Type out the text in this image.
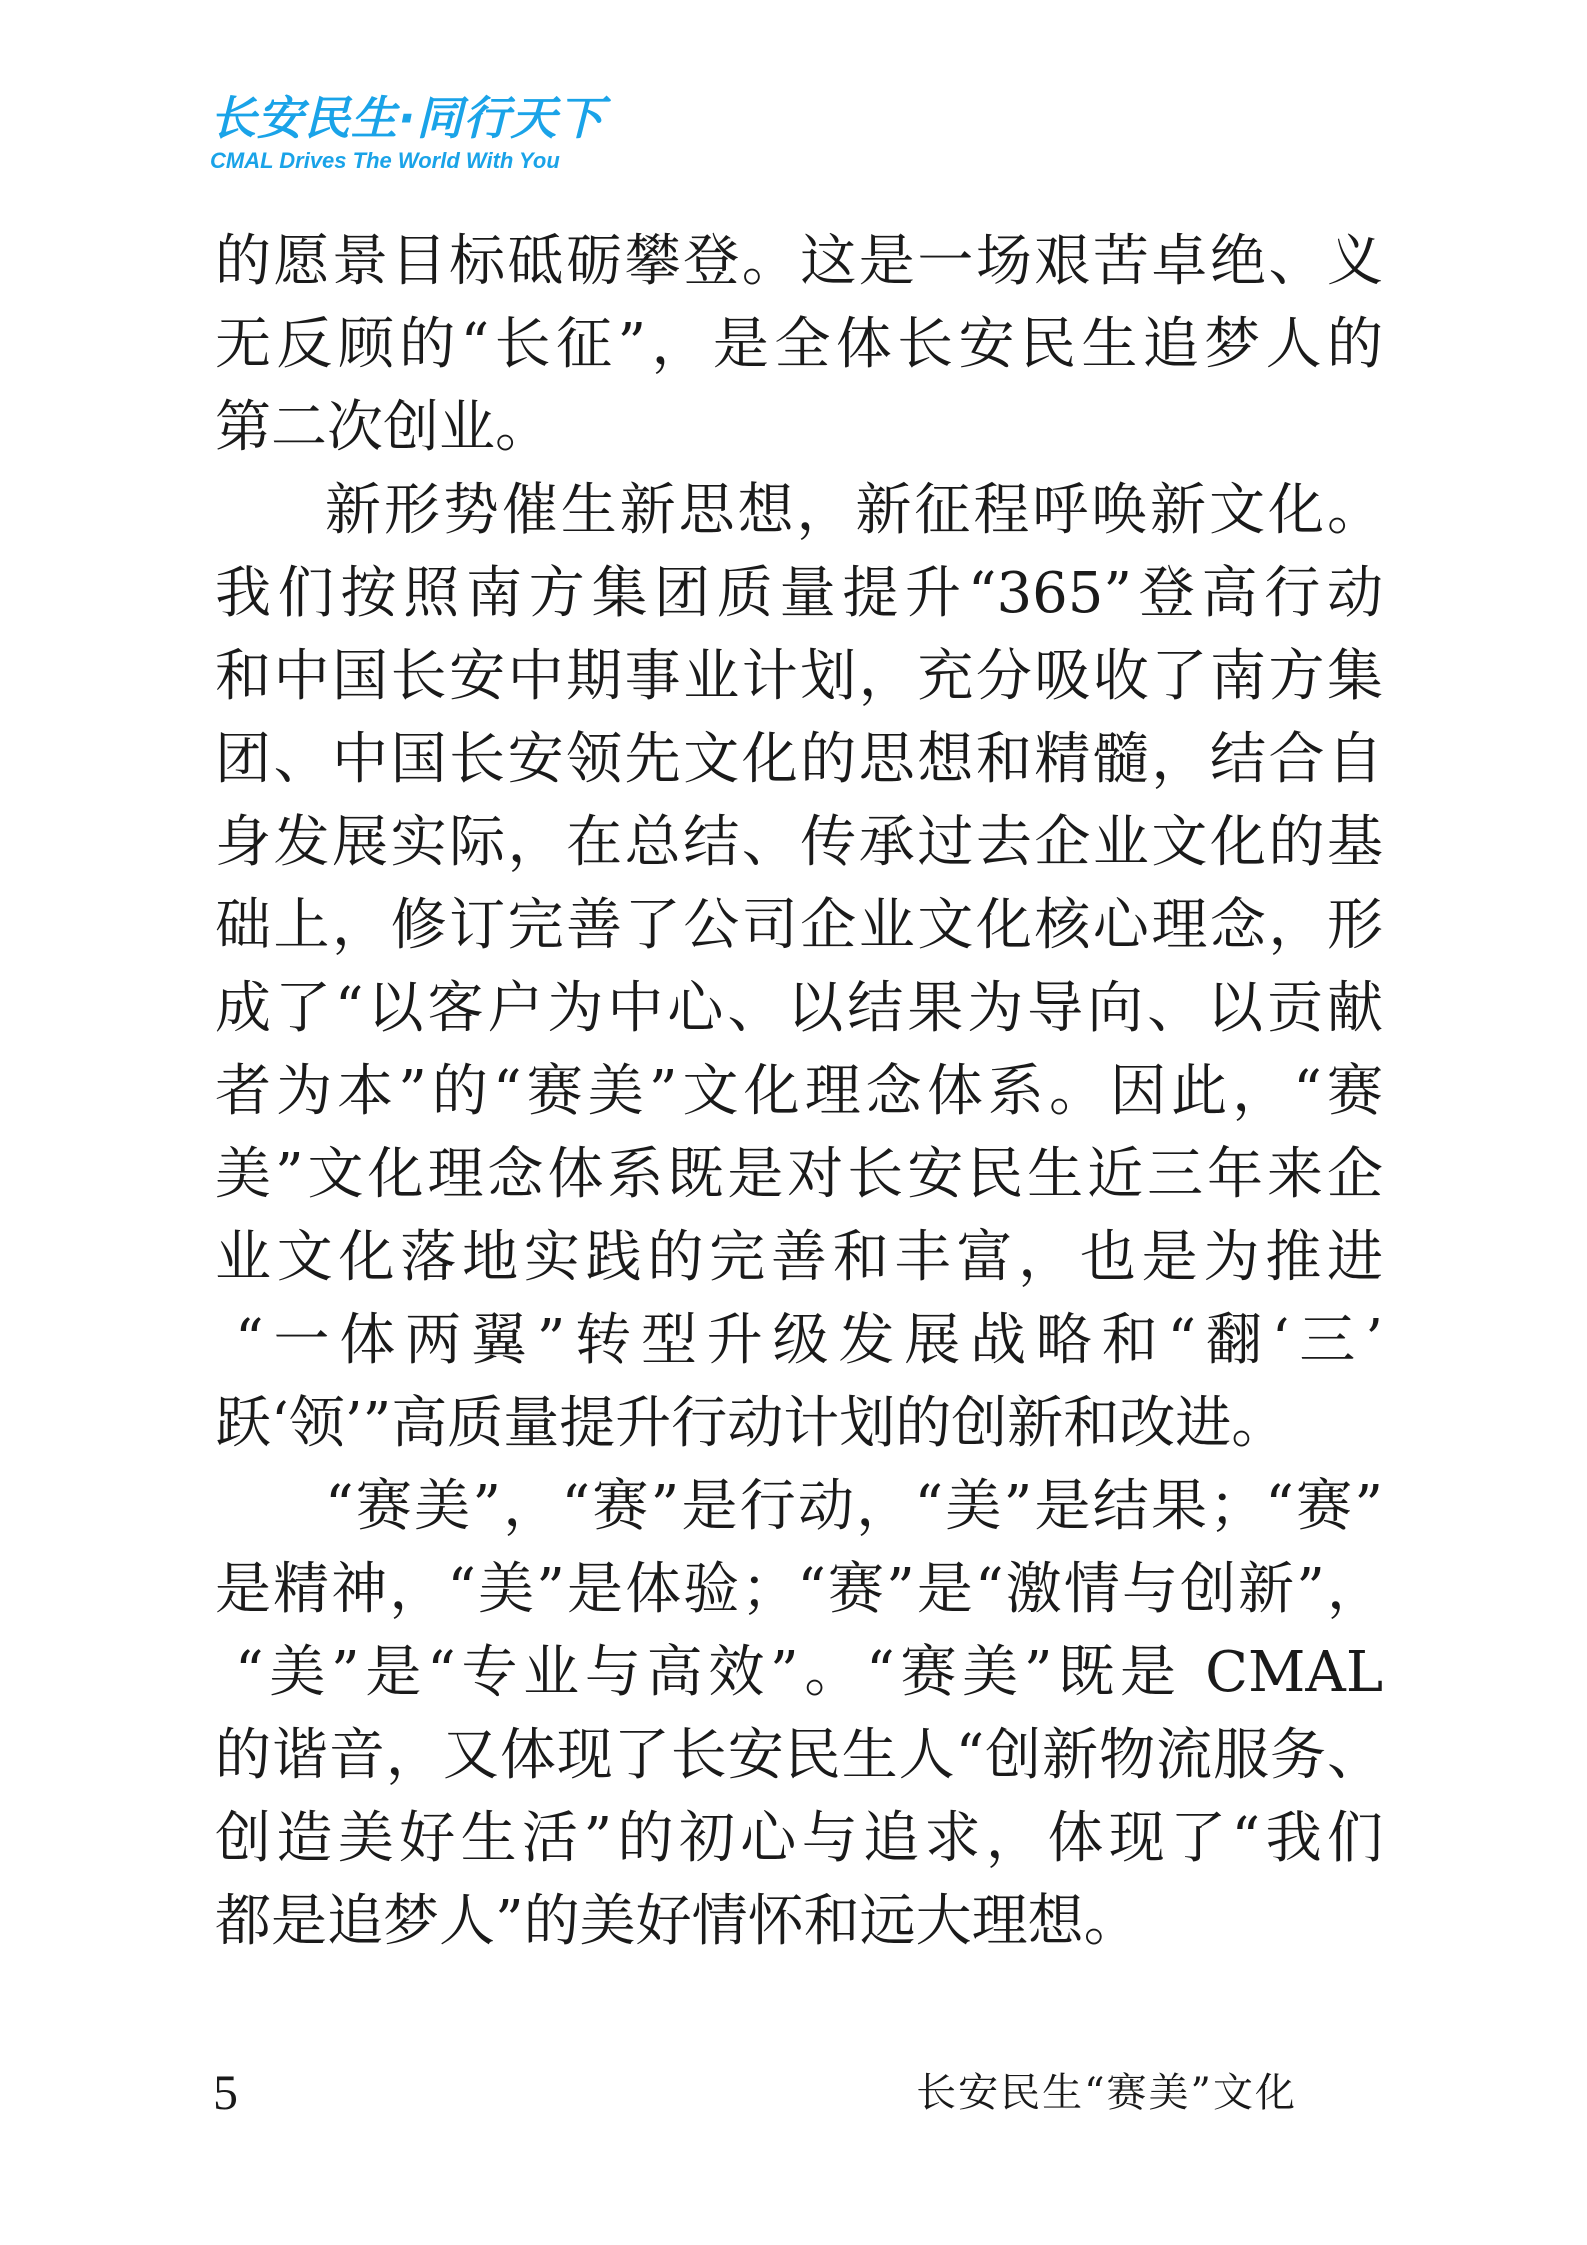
长安民生·同行天下
CMAL Drives The World With You
的愿景目标砥砺攀登。这是一场艰苦卓绝、义
无反顾的“长征”，是全体长安民生追梦人的
第二次创业。
新形势催生新思想，新征程呼唤新文化。
我们按照南方集团质量提升“365”登高行动
和中国长安中期事业计划，充分吸收了南方集
团、中国长安领先文化的思想和精髓，结合自
身发展实际，在总结、传承过去企业文化的基
础上，修订完善了公司企业文化核心理念，形
成了“以客户为中心、以结果为导向、以贡献
者为本”的“赛美”文化理念体系。因此，“赛
美”文化理念体系既是对长安民生近三年来企
业文化落地实践的完善和丰富，也是为推进
“一体两翼”转型升级发展战略和“翻‘三’
跃‘领’”高质量提升行动计划的创新和改进。
“赛美”，“赛”是行动，“美”是结果；“赛”
是精神，“美”是体验；“赛”是“激情与创新”，
“美”是“专业与高效”。“赛美”既是 CMAL
的谐音，又体现了长安民生人“创新物流服务、
创造美好生活”的初心与追求，体现了“我们
都是追梦人”的美好情怀和远大理想。
5	长安民生“赛美”文化
